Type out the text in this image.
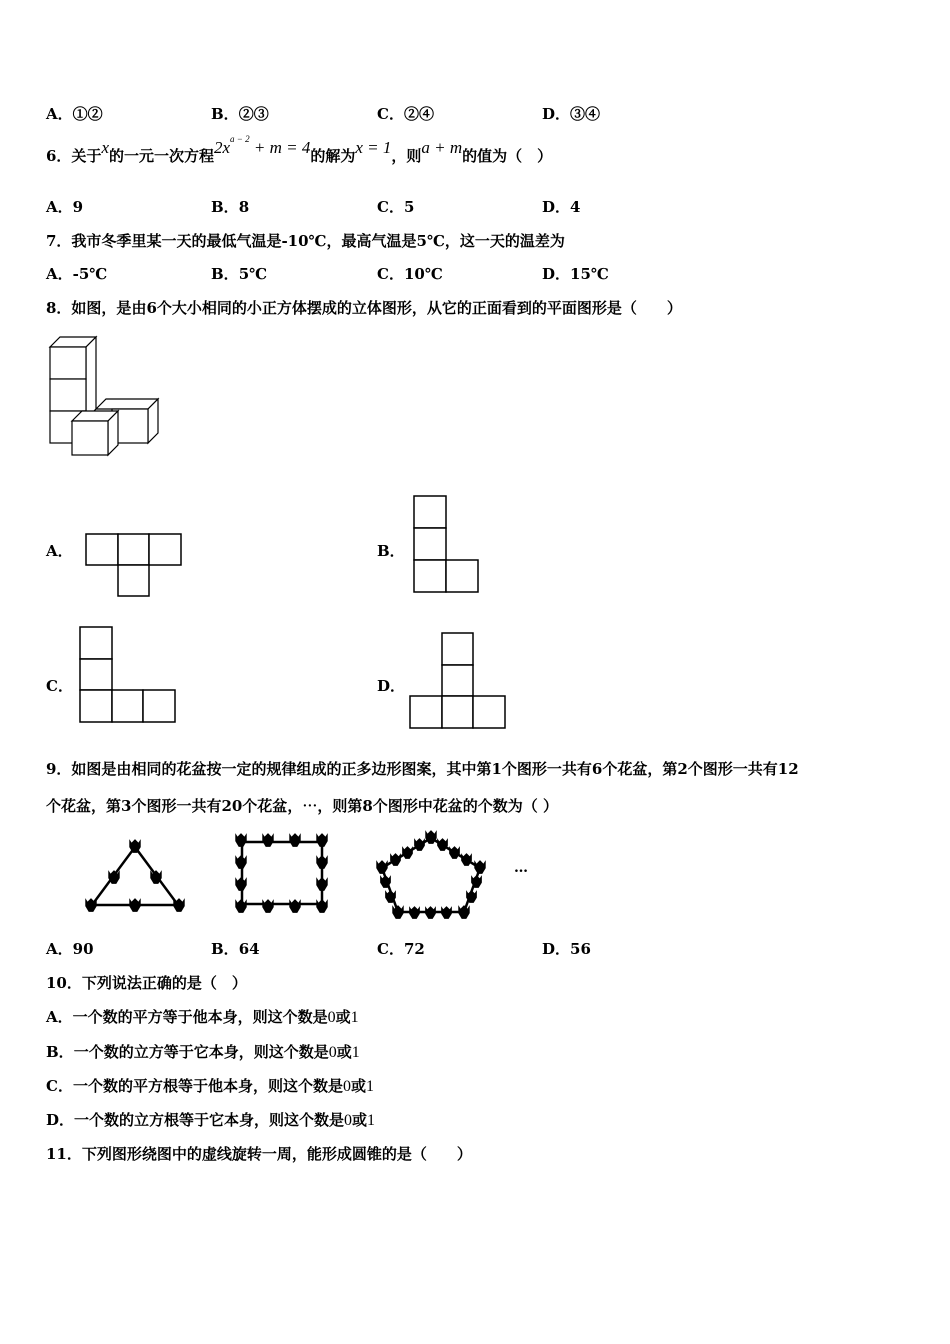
A．①②	B．②③	C．②④	D．③④
6．关于x的一元一次方程$2x^{a - 2} + m = 4$的解为x = 1，则a + m的值为（　）
A．9	B．8	C．5	D．4
7．我市冬季里某一天的最低气温是-10℃，最高气温是5℃，这一天的温差为
A．-5℃	B．5℃	C．10℃	D．15℃
8．如图，是由6个大小相同的小正方体摆成的立体图形，从它的正面看到的平面图形是（　　）
A．	B．
C．	D．
9．如图是由相同的花盆按一定的规律组成的正多边形图案，其中第1个图形一共有6个花盆，第2个图形一共有12
个花盆，第3个图形一共有20个花盆，⋯，则第8个图形中花盆的个数为（ ）
…
A．90	B．64	C．72	D．56
10．下列说法正确的是（　）
A．一个数的平方等于他本身，则这个数是0或1
B．一个数的立方等于它本身，则这个数是0或1
C．一个数的平方根等于他本身，则这个数是0或1
D．一个数的立方根等于它本身，则这个数是0或1
11．下列图形绕图中的虚线旋转一周，能形成圆锥的是（　　）
